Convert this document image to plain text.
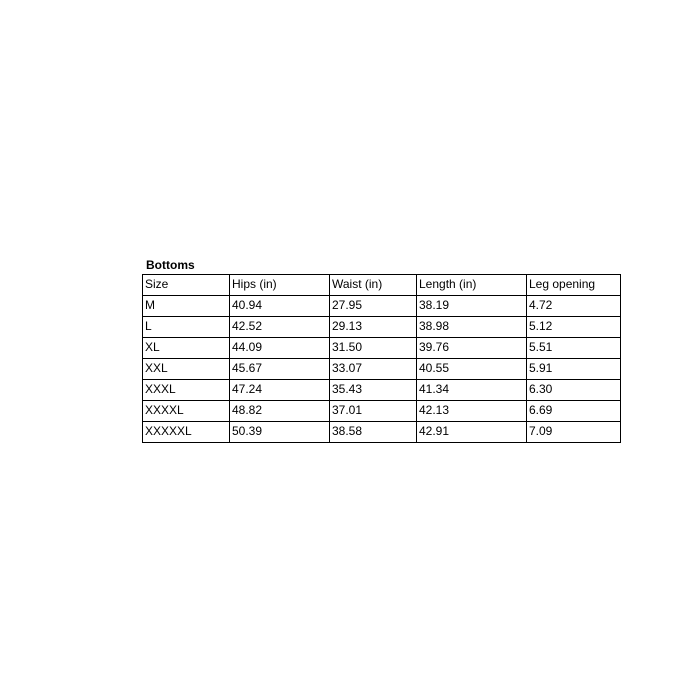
Bottoms
Size	Hips (in)	Waist (in)	Length (in)	Leg opening
M	40.94	27.95	38.19	4.72
L	42.52	29.13	38.98	5.12
XL	44.09	31.50	39.76	5.51
XXL	45.67	33.07	40.55	5.91
XXXL	47.24	35.43	41.34	6.30
XXXXL	48.82	37.01	42.13	6.69
XXXXXL	50.39	38.58	42.91	7.09
